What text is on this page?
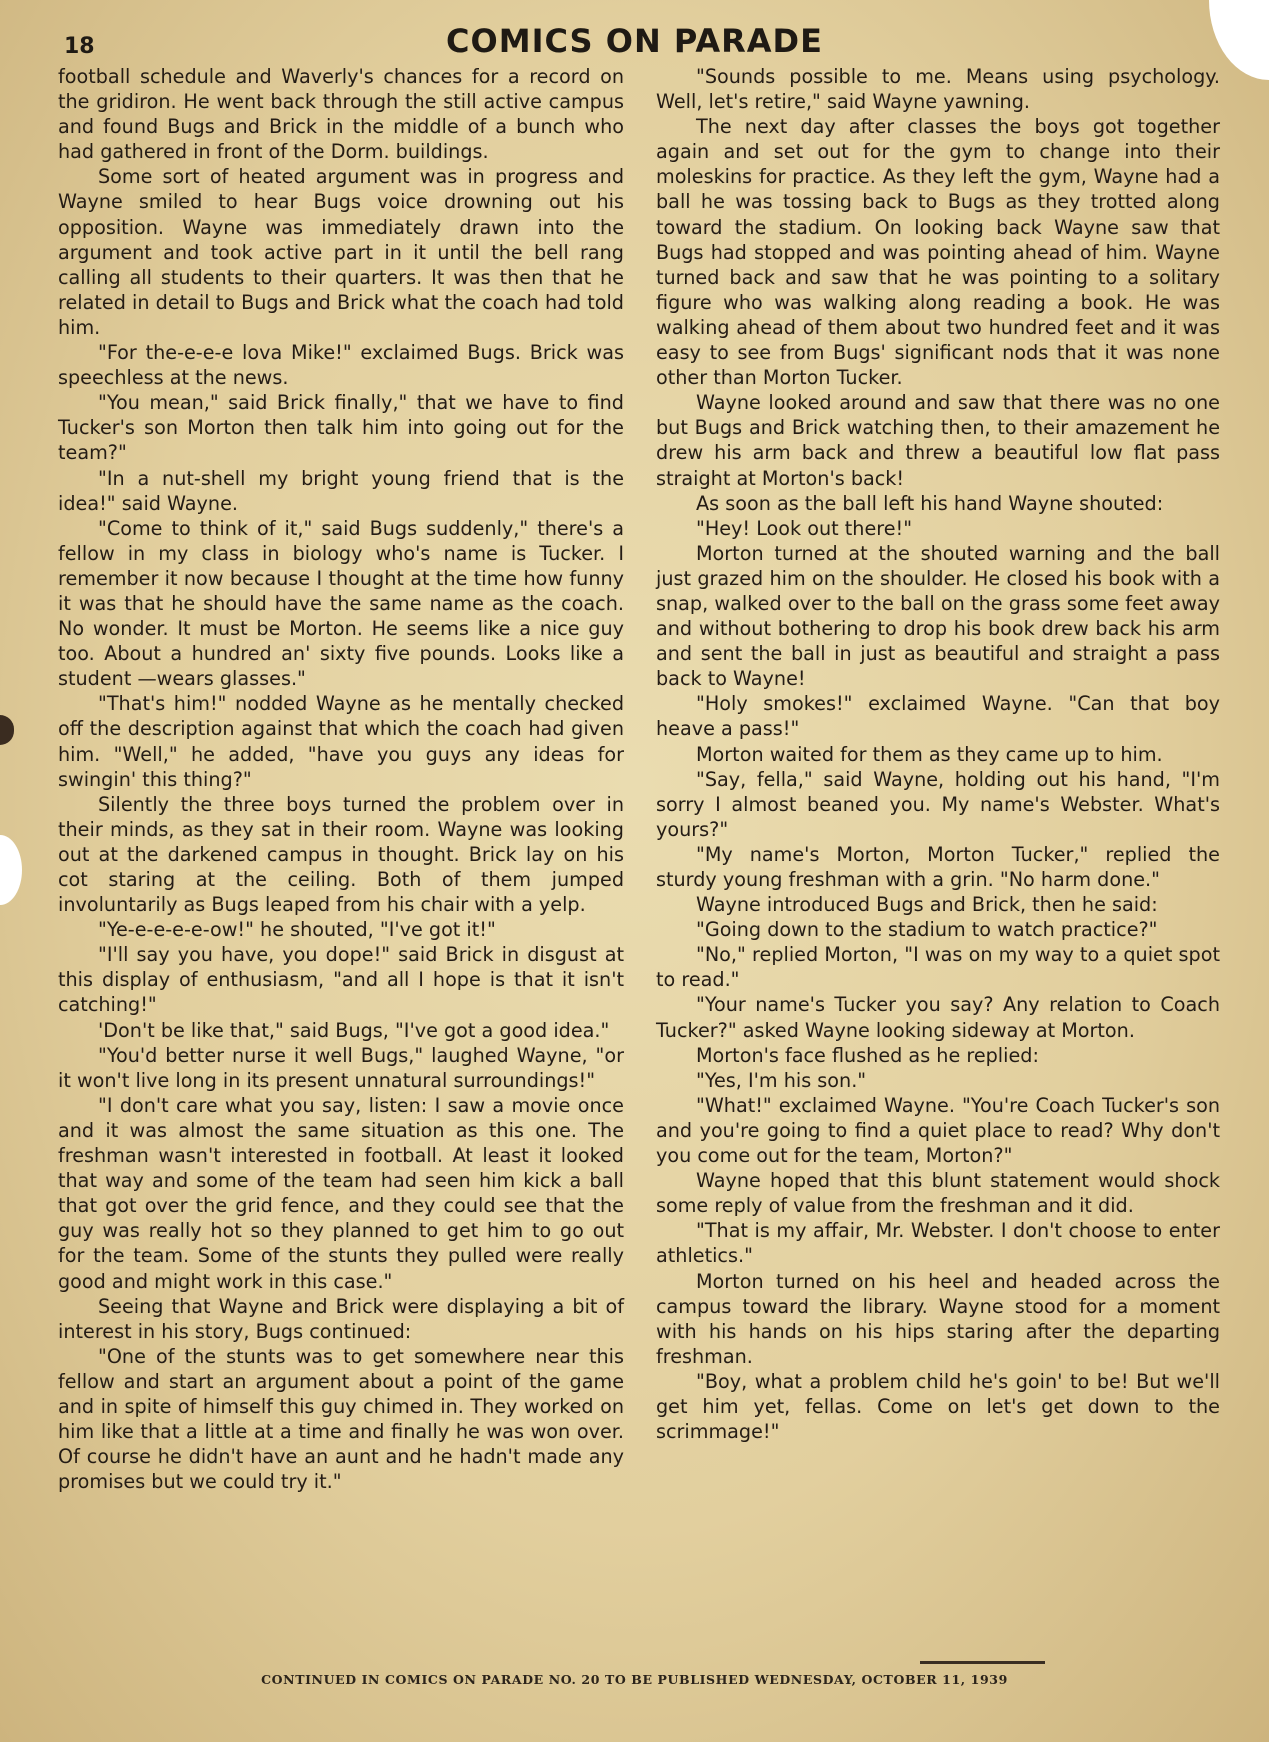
18	COMICS ON PARADE

football schedule and Waverly's chances for a record on the gridiron. He went back through the still active campus and found Bugs and Brick in the middle of a bunch who had gathered in front of the Dorm. buildings.

Some sort of heated argument was in progress and Wayne smiled to hear Bugs voice drowning out his opposition. Wayne was immediately drawn into the argument and took active part in it until the bell rang calling all students to their quarters. It was then that he related in detail to Bugs and Brick what the coach had told him.

"For the-e-e-e lova Mike!" exclaimed Bugs. Brick was speechless at the news.

"You mean," said Brick finally," that we have to find Tucker's son Morton then talk him into going out for the team?"

"In a nut-shell my bright young friend that is the idea!" said Wayne.

"Come to think of it," said Bugs suddenly," there's a fellow in my class in biology who's name is Tucker. I remember it now because I thought at the time how funny it was that he should have the same name as the coach. No wonder. It must be Morton. He seems like a nice guy too. About a hundred an' sixty five pounds. Looks like a student —wears glasses."

"That's him!" nodded Wayne as he mentally checked off the description against that which the coach had given him. "Well," he added, "have you guys any ideas for swingin' this thing?"

Silently the three boys turned the problem over in their minds, as they sat in their room. Wayne was looking out at the darkened campus in thought. Brick lay on his cot staring at the ceiling. Both of them jumped involuntarily as Bugs leaped from his chair with a yelp.

"Ye-e-e-e-e-ow!" he shouted, "I've got it!"

"I'll say you have, you dope!" said Brick in disgust at this display of enthusiasm, "and all I hope is that it isn't catching!"

'Don't be like that," said Bugs, "I've got a good idea."

"You'd better nurse it well Bugs," laughed Wayne, "or it won't live long in its present unnatural surroundings!"

"I don't care what you say, listen: I saw a movie once and it was almost the same situation as this one. The freshman wasn't interested in football. At least it looked that way and some of the team had seen him kick a ball that got over the grid fence, and they could see that the guy was really hot so they planned to get him to go out for the team. Some of the stunts they pulled were really good and might work in this case."

Seeing that Wayne and Brick were displaying a bit of interest in his story, Bugs continued:

"One of the stunts was to get somewhere near this fellow and start an argument about a point of the game and in spite of himself this guy chimed in. They worked on him like that a little at a time and finally he was won over. Of course he didn't have an aunt and he hadn't made any promises but we could try it."

"Sounds possible to me. Means using psychology. Well, let's retire," said Wayne yawning.

The next day after classes the boys got together again and set out for the gym to change into their moleskins for practice. As they left the gym, Wayne had a ball he was tossing back to Bugs as they trotted along toward the stadium. On looking back Wayne saw that Bugs had stopped and was pointing ahead of him. Wayne turned back and saw that he was pointing to a solitary figure who was walking along reading a book. He was walking ahead of them about two hundred feet and it was easy to see from Bugs' significant nods that it was none other than Morton Tucker.

Wayne looked around and saw that there was no one but Bugs and Brick watching then, to their amazement he drew his arm back and threw a beautiful low flat pass straight at Morton's back!

As soon as the ball left his hand Wayne shouted:

"Hey! Look out there!"

Morton turned at the shouted warning and the ball just grazed him on the shoulder. He closed his book with a snap, walked over to the ball on the grass some feet away and without bothering to drop his book drew back his arm and sent the ball in just as beautiful and straight a pass back to Wayne!

"Holy smokes!" exclaimed Wayne. "Can that boy heave a pass!"

Morton waited for them as they came up to him.

"Say, fella," said Wayne, holding out his hand, "I'm sorry I almost beaned you. My name's Webster. What's yours?"

"My name's Morton, Morton Tucker," replied the sturdy young freshman with a grin. "No harm done."

Wayne introduced Bugs and Brick, then he said:

"Going down to the stadium to watch practice?"

"No," replied Morton, "I was on my way to a quiet spot to read."

"Your name's Tucker you say? Any relation to Coach Tucker?" asked Wayne looking sideway at Morton.

Morton's face flushed as he replied:

"Yes, I'm his son."

"What!" exclaimed Wayne. "You're Coach Tucker's son and you're going to find a quiet place to read? Why don't you come out for the team, Morton?"

Wayne hoped that this blunt statement would shock some reply of value from the freshman and it did.

"That is my affair, Mr. Webster. I don't choose to enter athletics."

Morton turned on his heel and headed across the campus toward the library. Wayne stood for a moment with his hands on his hips staring after the departing freshman.

"Boy, what a problem child he's goin' to be! But we'll get him yet, fellas. Come on let's get down to the scrimmage!"

CONTINUED IN COMICS ON PARADE NO. 20 TO BE PUBLISHED WEDNESDAY, OCTOBER 11, 1939
